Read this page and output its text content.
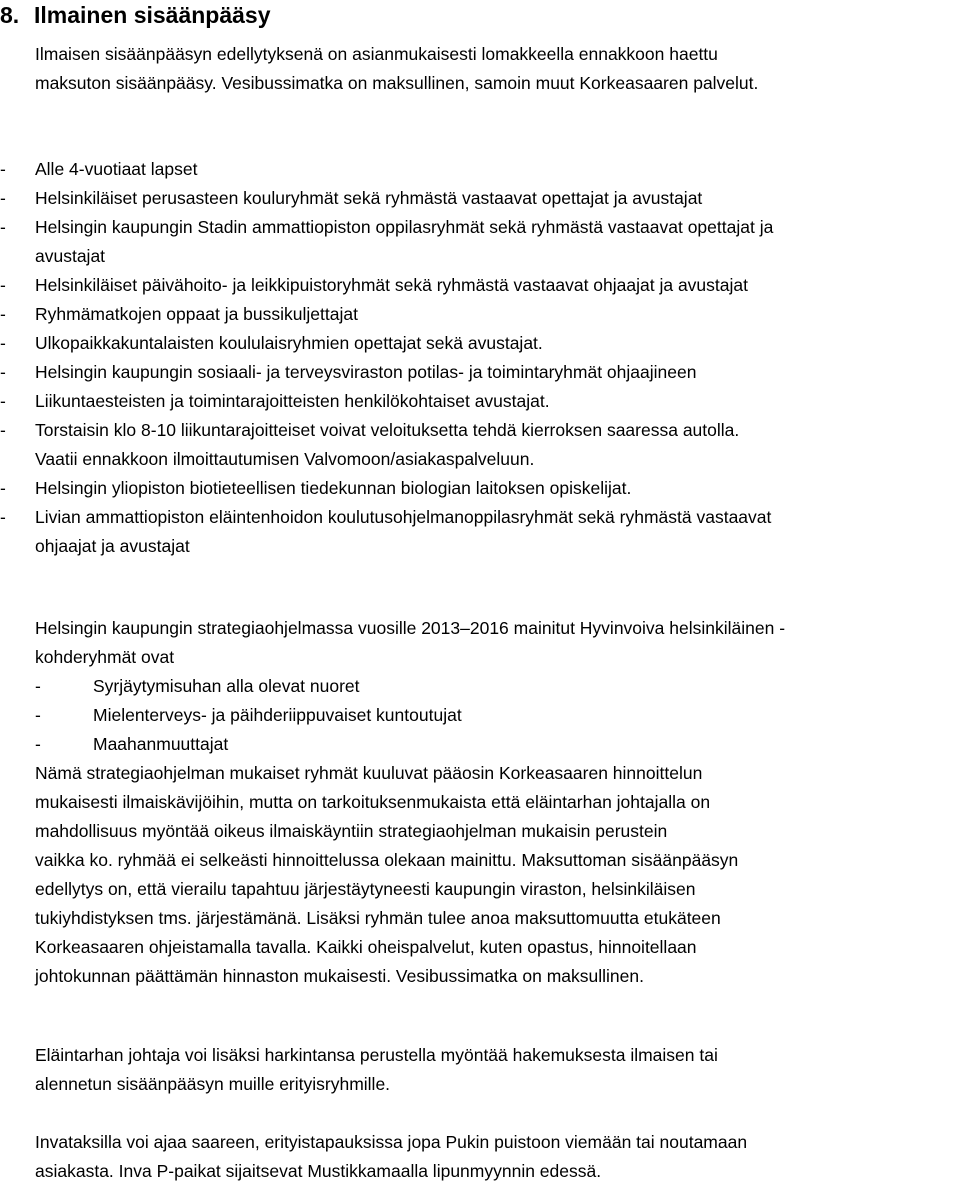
8. Ilmainen sisäänpääsy
Ilmaisen sisäänpääsyn edellytyksenä on asianmukaisesti lomakkeella ennakkoon haettu
maksuton sisäänpääsy. Vesibussimatka on maksullinen, samoin muut Korkeasaaren palvelut.
-	Alle 4-vuotiaat lapset
-	Helsinkiläiset perusasteen kouluryhmät sekä ryhmästä vastaavat opettajat ja avustajat
-	Helsingin kaupungin Stadin ammattiopiston oppilasryhmät sekä ryhmästä vastaavat opettajat ja
avustajat
-	Helsinkiläiset päivähoito- ja leikkipuistoryhmät sekä ryhmästä vastaavat ohjaajat ja avustajat
-	Ryhmämatkojen oppaat ja bussikuljettajat
-	Ulkopaikkakuntalaisten koululaisryhmien opettajat sekä avustajat.
-	Helsingin kaupungin sosiaali- ja terveysviraston potilas- ja toimintaryhmät ohjaajineen
-	Liikuntaesteisten ja toimintarajoitteisten henkilökohtaiset avustajat.
-	Torstaisin klo 8-10 liikuntarajoitteiset voivat veloituksetta tehdä kierroksen saaressa autolla.
Vaatii ennakkoon ilmoittautumisen Valvomoon/asiakaspalveluun.
-	Helsingin yliopiston biotieteellisen tiedekunnan biologian laitoksen opiskelijat.
-	Livian ammattiopiston eläintenhoidon koulutusohjelmanoppilasryhmät sekä ryhmästä vastaavat
ohjaajat ja avustajat
Helsingin kaupungin strategiaohjelmassa vuosille 2013–2016 mainitut Hyvinvoiva helsinkiläinen -
kohderyhmät ovat
-	Syrjäytymisuhan alla olevat nuoret
-	Mielenterveys- ja päihderiippuvaiset kuntoutujat
-	Maahanmuuttajat
Nämä strategiaohjelman mukaiset ryhmät kuuluvat pääosin Korkeasaaren hinnoittelun
mukaisesti ilmaiskävijöihin, mutta on tarkoituksenmukaista että eläintarhan johtajalla on
mahdollisuus myöntää oikeus ilmaiskäyntiin strategiaohjelman mukaisin perustein
vaikka ko. ryhmää ei selkeästi hinnoittelussa olekaan mainittu. Maksuttoman sisäänpääsyn
edellytys on, että vierailu tapahtuu järjestäytyneesti kaupungin viraston, helsinkiläisen
tukiyhdistyksen tms. järjestämänä. Lisäksi ryhmän tulee anoa maksuttomuutta etukäteen
Korkeasaaren ohjeistamalla tavalla. Kaikki oheispalvelut, kuten opastus, hinnoitellaan
johtokunnan päättämän hinnaston mukaisesti. Vesibussimatka on maksullinen.
Eläintarhan johtaja voi lisäksi harkintansa perustella myöntää hakemuksesta ilmaisen tai
alennetun sisäänpääsyn muille erityisryhmille.
Invataksilla voi ajaa saareen, erityistapauksissa jopa Pukin puistoon viemään tai noutamaan
asiakasta. Inva P-paikat sijaitsevat Mustikkamaalla lipunmyynnin edessä.
